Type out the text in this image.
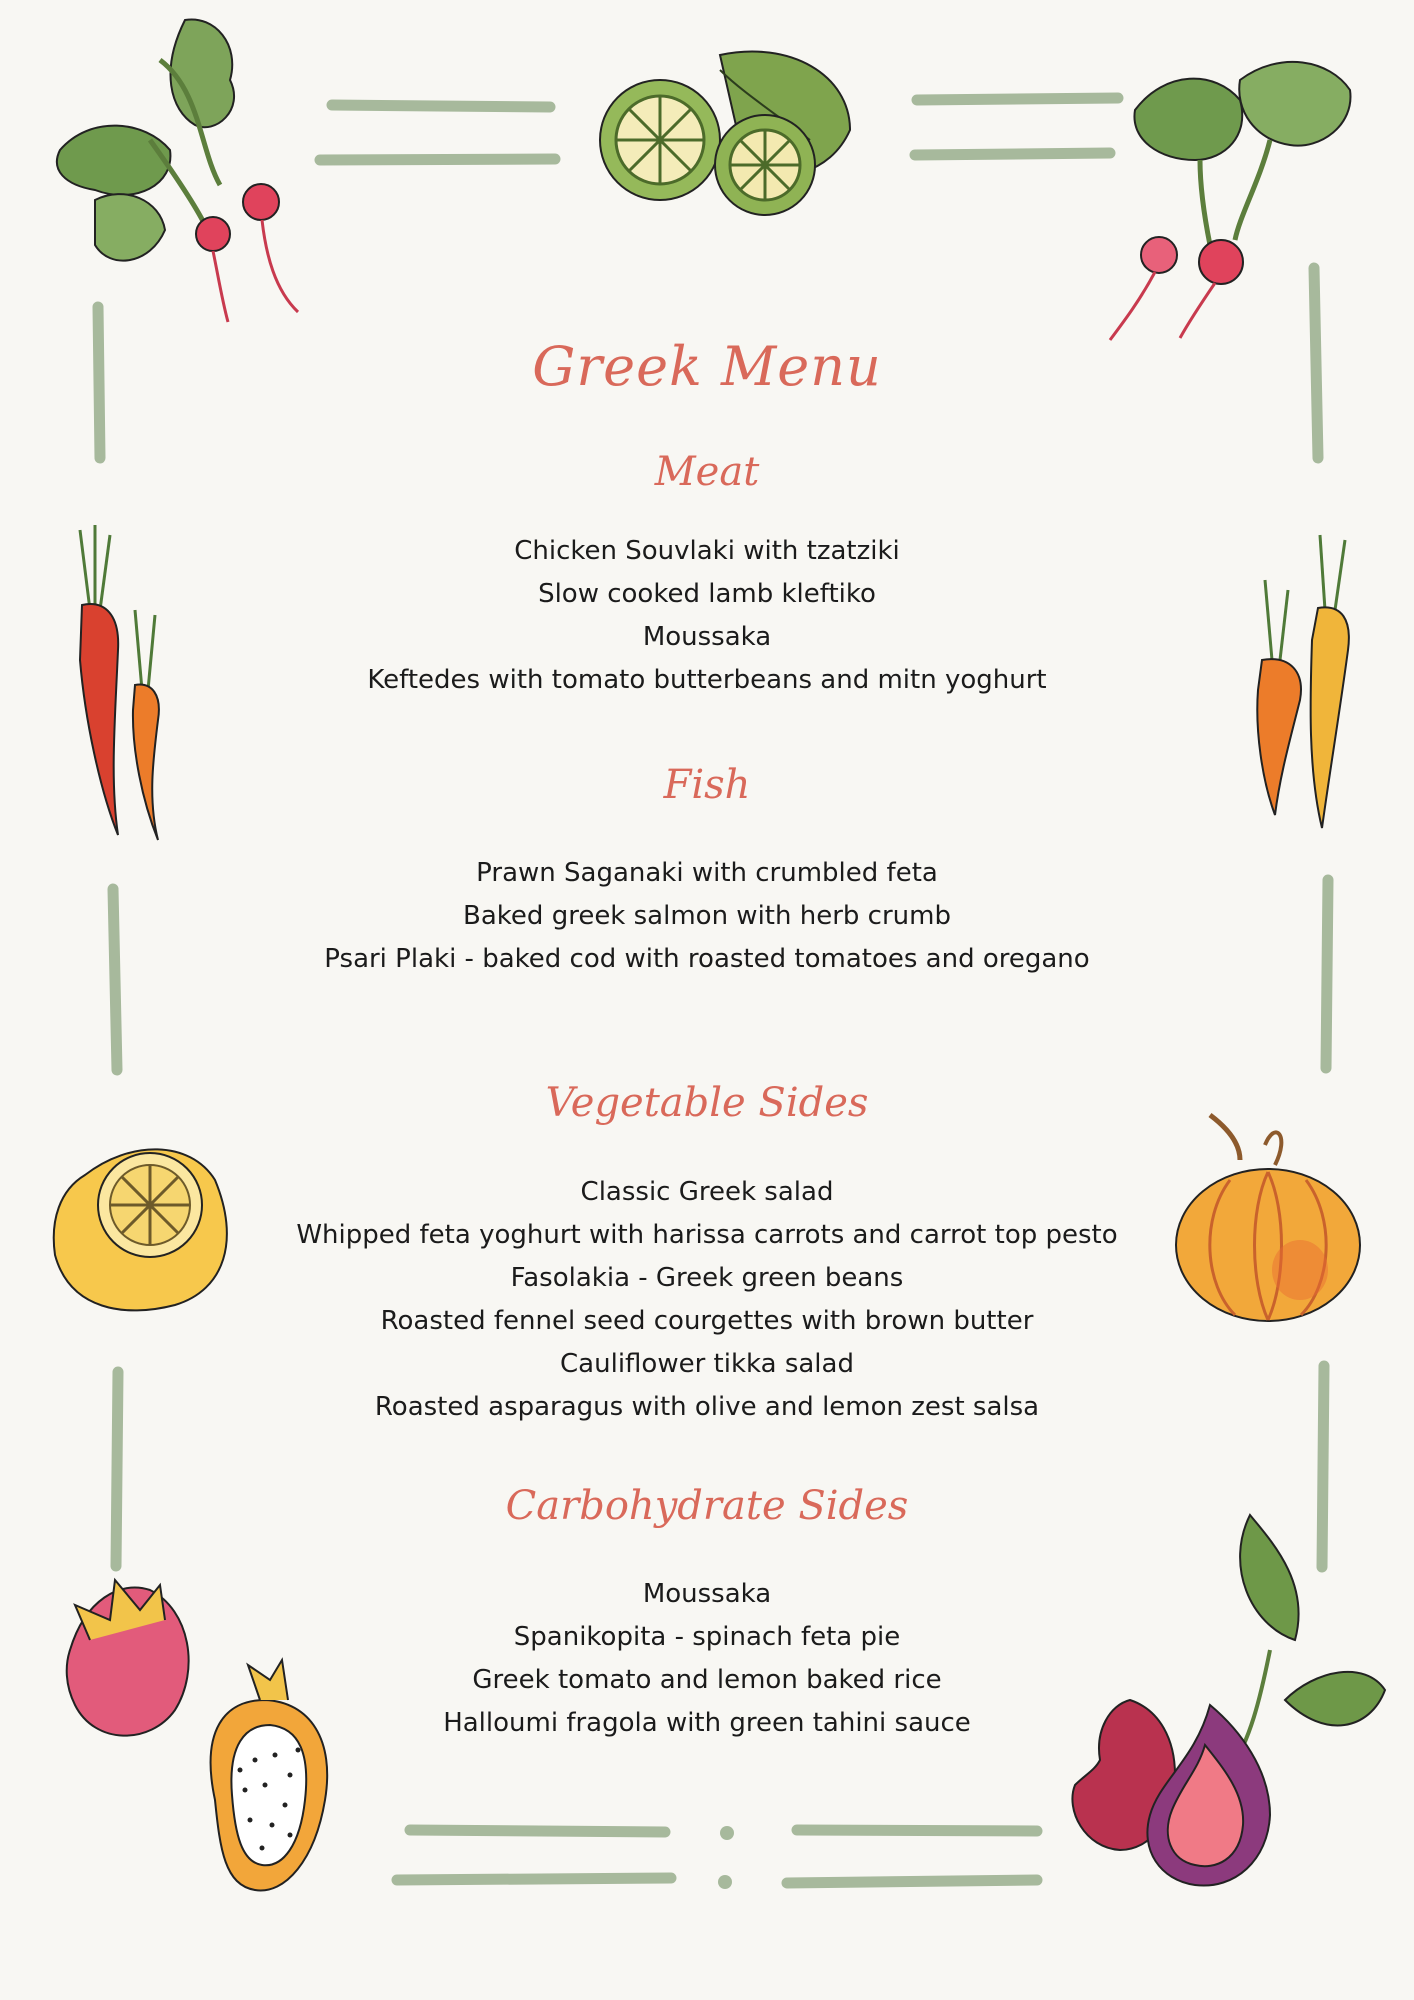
Greek Menu
Meat
Chicken Souvlaki with tzatziki
Slow cooked lamb kleftiko
Moussaka
Keftedes with tomato butterbeans and mitn yoghurt
Fish
Prawn Saganaki with crumbled feta
Baked greek salmon with herb crumb
Psari Plaki - baked cod with roasted tomatoes and oregano
Vegetable Sides
Classic Greek salad
Whipped feta yoghurt with harissa carrots and carrot top pesto
Fasolakia - Greek green beans
Roasted fennel seed courgettes with brown butter
Cauliflower tikka salad
Roasted asparagus with olive and lemon zest salsa
Carbohydrate Sides
Moussaka
Spanikopita - spinach feta pie
Greek tomato and lemon baked rice
Halloumi fragola with green tahini sauce
